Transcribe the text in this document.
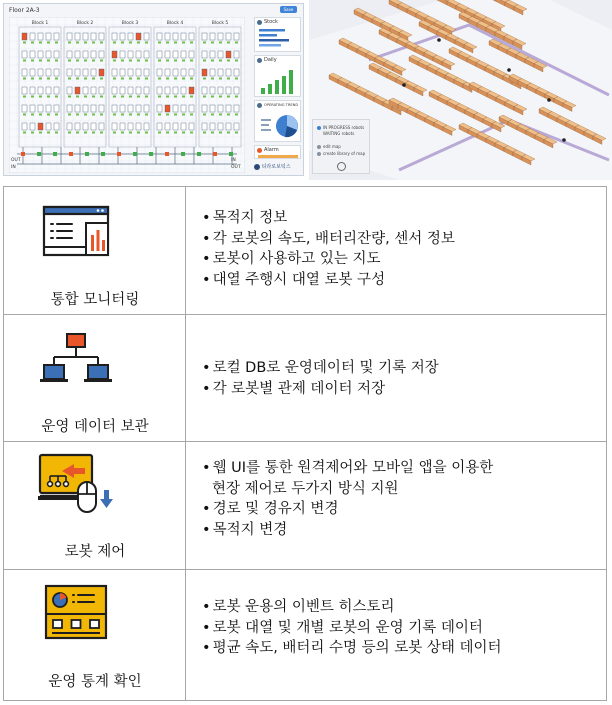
Floor 2A-3	Save
Block 1	Block 2	Block 3	Block 4	Block 5
OUT
IN
IN
OUT
Stock
Daily
OPERATING TREND
Alarm
티라로보틱스
IN PROGRESS robots
WAITING robots
edit map
create library of map
통합 모니터링
• 목적지 정보
• 각 로봇의 속도, 배터리잔량, 센서 정보
• 로봇이 사용하고 있는 지도
• 대열 주행시 대열 로봇 구성
운영 데이터 보관
• 로컬 DB로 운영데이터 및 기록 저장
• 각 로봇별 관제 데이터 저장
로봇 제어
• 웹 UI를 통한 원격제어와 모바일 앱을 이용한
현장 제어로 두가지 방식 지원
• 경로 및 경유지 변경
• 목적지 변경
운영 통계 확인
• 로봇 운용의 이벤트 히스토리
• 로봇 대열 및 개별 로봇의 운영 기록 데이터
• 평균 속도, 배터리 수명 등의 로봇 상태 데이터
